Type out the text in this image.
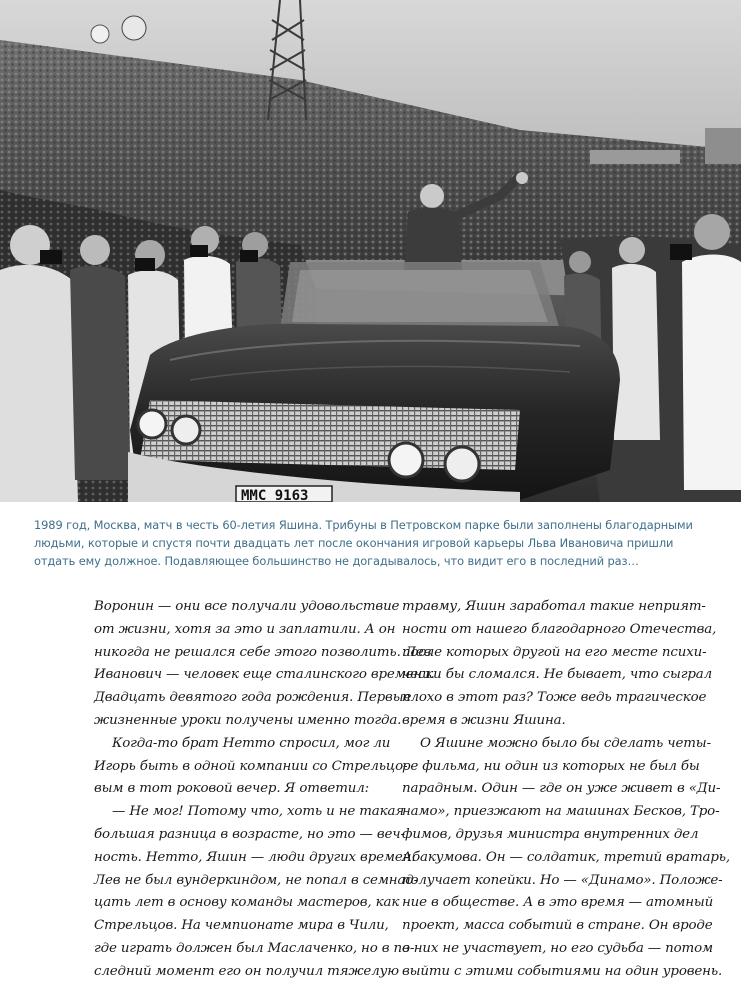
ММС 9163
1989 год, Москва, матч в честь 60-летия Яшина. Трибуны в Петровском парке были заполнены благодарными
людьми, которые и спустя почти двадцать лет после окончания игровой карьеры Льва Ивановича пришли
отдать ему должное. Подавляющее большинство не догадывалось, что видит его в последний раз…
Воронин — они все получали удовольствие
от жизни, хотя за это и заплатили. А он
никогда не решался себе этого позволить. Лев
Иванович — человек еще сталинского времени.
Двадцать девятого года рождения. Первые
жизненные уроки получены именно тогда.
Когда-то брат Нетто спросил, мог ли
Игорь быть в одной компании со Стрельцо-
вым в тот роковой вечер. Я ответил:
— Не мог! Потому что, хоть и не такая
большая разница в возрасте, но это — веч-
ность. Нетто, Яшин — люди других времен.
Лев не был вундеркиндом, не попал в семнад-
цать лет в основу команды мастеров, как
Стрельцов. На чемпионате мира в Чили,
где играть должен был Маслаченко, но в по-
следний момент его он получил тяжелую
травму, Яшин заработал такие неприят-
ности от нашего благодарного Отечества,
после которых другой на его месте психи-
чески бы сломался. Не бывает, что сыграл
плохо в этот раз? Тоже ведь трагическое
время в жизни Яшина.
О Яшине можно было бы сделать четы-
ре фильма, ни один из которых не был бы
парадным. Один — где он уже живет в «Ди-
намо», приезжают на машинах Бесков, Тро-
фимов, друзья министра внутренних дел
Абакумова. Он — солдатик, третий вратарь,
получает копейки. Но — «Динамо». Положе-
ние в обществе. А в это время — атомный
проект, масса событий в стране. Он вроде
в них не участвует, но его судьба — потом
выйти с этими событиями на один уровень.
